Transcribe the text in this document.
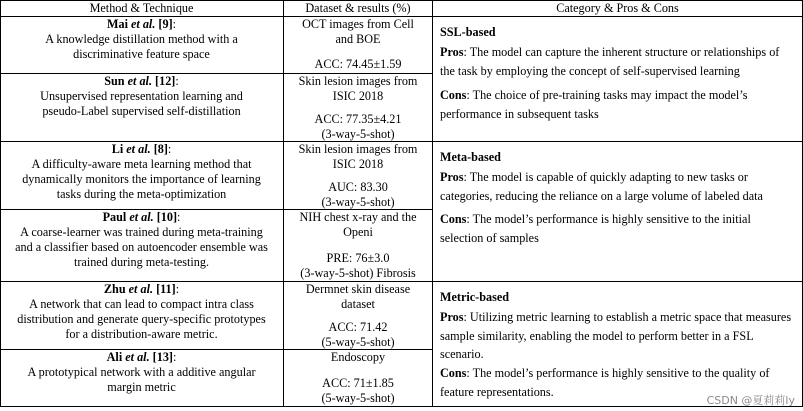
Method & Technique	Dataset & results (%)	Category & Pros & Cons
Mai et al. [9]:
A knowledge distillation method with a
discriminative feature space
Sun et al. [12]:
Unsupervised representation learning and
pseudo-Label supervised self-distillation
Li et al. [8]:
A difficulty-aware meta learning method that
dynamically monitors the importance of learning
tasks during the meta-optimization
Paul et al. [10]:
A coarse-learner was trained during meta-training
and a classifier based on autoencoder ensemble was
trained during meta-testing.
Zhu et al. [11]:
A network that can lead to compact intra class
distribution and generate query-specific prototypes
for a distribution-aware metric.
Ali et al. [13]:
A prototypical network with a additive angular
margin metric
OCT images from Cell
and BOE
ACC: 74.45±1.59
Skin lesion images from
ISIC 2018
ACC: 77.35±4.21
(3-way-5-shot)
Skin lesion images from
ISIC 2018
AUC: 83.30
(3-way-5-shot)
NIH chest x-ray and the
Openi
PRE: 76±3.0
(3-way-5-shot) Fibrosis
Dermnet skin disease
dataset
ACC: 71.42
(5-way-5-shot)
Endoscopy
ACC: 71±1.85
(5-way-5-shot)
SSL-based
Pros: The model can capture the inherent structure or relationships of the task by employing the concept of self-supervised learning
Cons: The choice of pre-training tasks may impact the model’s performance in subsequent tasks
Meta-based
Pros: The model is capable of quickly adapting to new tasks or categories, reducing the reliance on a large volume of labeled data
Cons: The model’s performance is highly sensitive to the initial selection of samples
Metric-based
Pros: Utilizing metric learning to establish a metric space that measures sample similarity, enabling the model to perform better in a FSL scenario.
Cons: The model’s performance is highly sensitive to the quality of feature representations.
CSDN @夏莉莉ly
